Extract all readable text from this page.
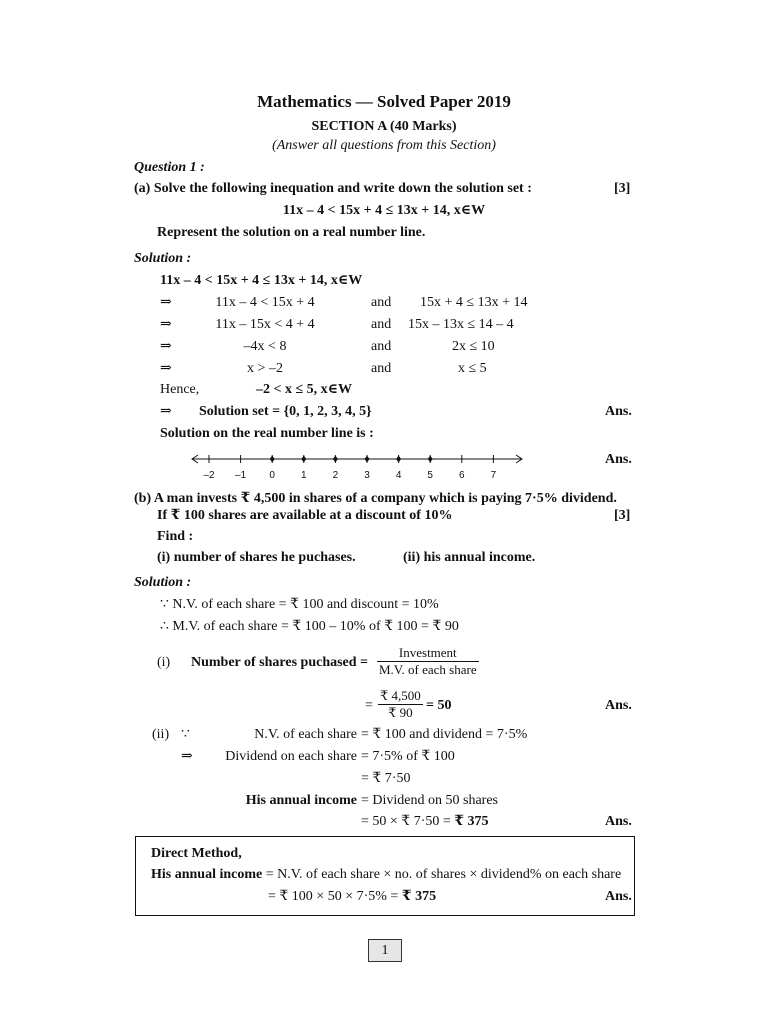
Mathematics — Solved Paper 2019
SECTION A (40 Marks)
(Answer all questions from this Section)
Question 1 :
(a) Solve the following inequation and write down the solution set :	[3]
11x – 4 < 15x + 4 ≤ 13x + 14, x∈W
Represent the solution on a real number line.
Solution :
11x – 4 < 15x + 4 ≤ 13x + 14, x∈W
⇒	11x – 4 < 15x + 4	and 15x + 4 ≤ 13x + 14
⇒	11x – 15x < 4 + 4	and 15x – 13x ≤ 14 – 4
⇒	–4x < 8	and	2x ≤ 10
⇒	x > –2	and	x ≤ 5
Hence,	–2 < x ≤ 5, x∈W
⇒ Solution set = {0, 1, 2, 3, 4, 5}	Ans.
Solution on the real number line is :
–2 –1 0	1	2	3	4	5	6	7
Ans.
(b) A man invests ₹ 4,500 in shares of a company which is paying 7·5% dividend.
If ₹ 100 shares are available at a discount of 10%	[3]
Find :
(i) number of shares he puchases.	(ii) his annual income.
Solution :
∵ N.V. of each share = ₹ 100 and discount = 10%
∴ M.V. of each share = ₹ 100 – 10% of ₹ 100 = ₹ 90
(i) Number of shares puchased =
Investment
M.V. of each share
=
₹ 4,500
₹ 90 = 50	Ans.
(ii) ∵	N.V. of each share = ₹ 100 and dividend = 7·5%
⇒	Dividend on each share = 7·5% of ₹ 100
= ₹ 7·50
His annual income = Dividend on 50 shares
= 50 × ₹ 7·50 = ₹ 375	Ans.
Direct Method,
His annual income = N.V. of each share × no. of shares × dividend% on each share
= ₹ 100 × 50 × 7·5% = ₹ 375	Ans.
1
